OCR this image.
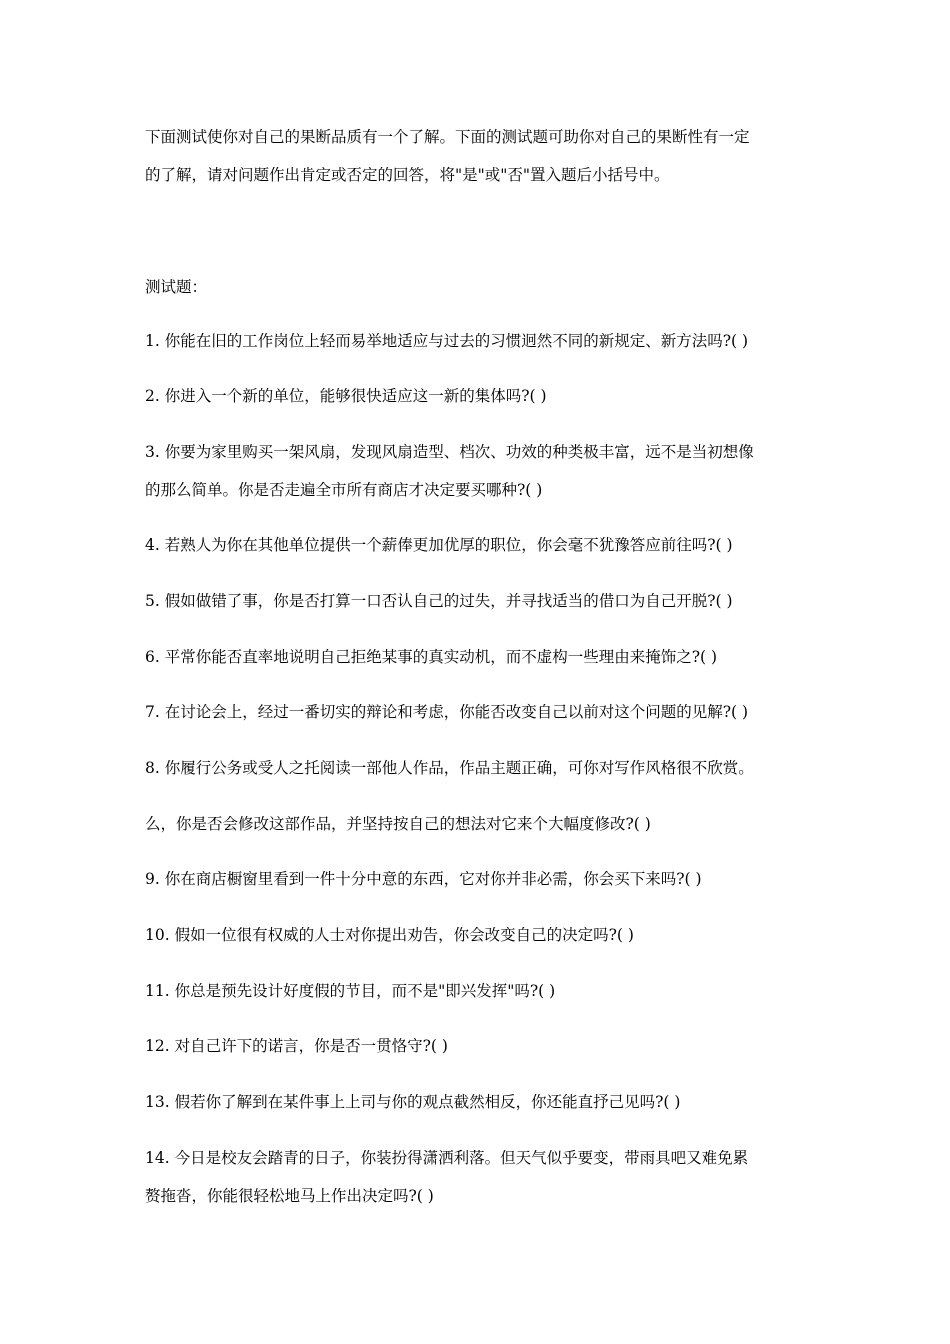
下面测试使你对自己的果断品质有一个了解。下面的测试题可助你对自己的果断性有一定
的了解，请对问题作出肯定或否定的回答，将"是"或"否"置入题后小括号中。
测试题：
1. 你能在旧的工作岗位上轻而易举地适应与过去的习惯迥然不同的新规定、新方法吗?( )
2. 你进入一个新的单位，能够很快适应这一新的集体吗?( )
3. 你要为家里购买一架风扇，发现风扇造型、档次、功效的种类极丰富，远不是当初想像
的那么简单。你是否走遍全市所有商店才决定要买哪种?( )
4. 若熟人为你在其他单位提供一个薪俸更加优厚的职位，你会毫不犹豫答应前往吗?( )
5. 假如做错了事，你是否打算一口否认自己的过失，并寻找适当的借口为自己开脱?( )
6. 平常你能否直率地说明自己拒绝某事的真实动机，而不虚构一些理由来掩饰之?( )
7. 在讨论会上，经过一番切实的辩论和考虑，你能否改变自己以前对这个问题的见解?( )
8. 你履行公务或受人之托阅读一部他人作品，作品主题正确，可你对写作风格很不欣赏。
么，你是否会修改这部作品，并坚持按自己的想法对它来个大幅度修改?( )
9. 你在商店橱窗里看到一件十分中意的东西，它对你并非必需，你会买下来吗?( )
10. 假如一位很有权威的人士对你提出劝告，你会改变自己的决定吗?( )
11. 你总是预先设计好度假的节目，而不是"即兴发挥"吗?( )
12. 对自己许下的诺言，你是否一贯恪守?( )
13. 假若你了解到在某件事上上司与你的观点截然相反，你还能直抒己见吗?( )
14. 今日是校友会踏青的日子，你装扮得潇洒利落。但天气似乎要变，带雨具吧又难免累
赘拖沓，你能很轻松地马上作出决定吗?( )
